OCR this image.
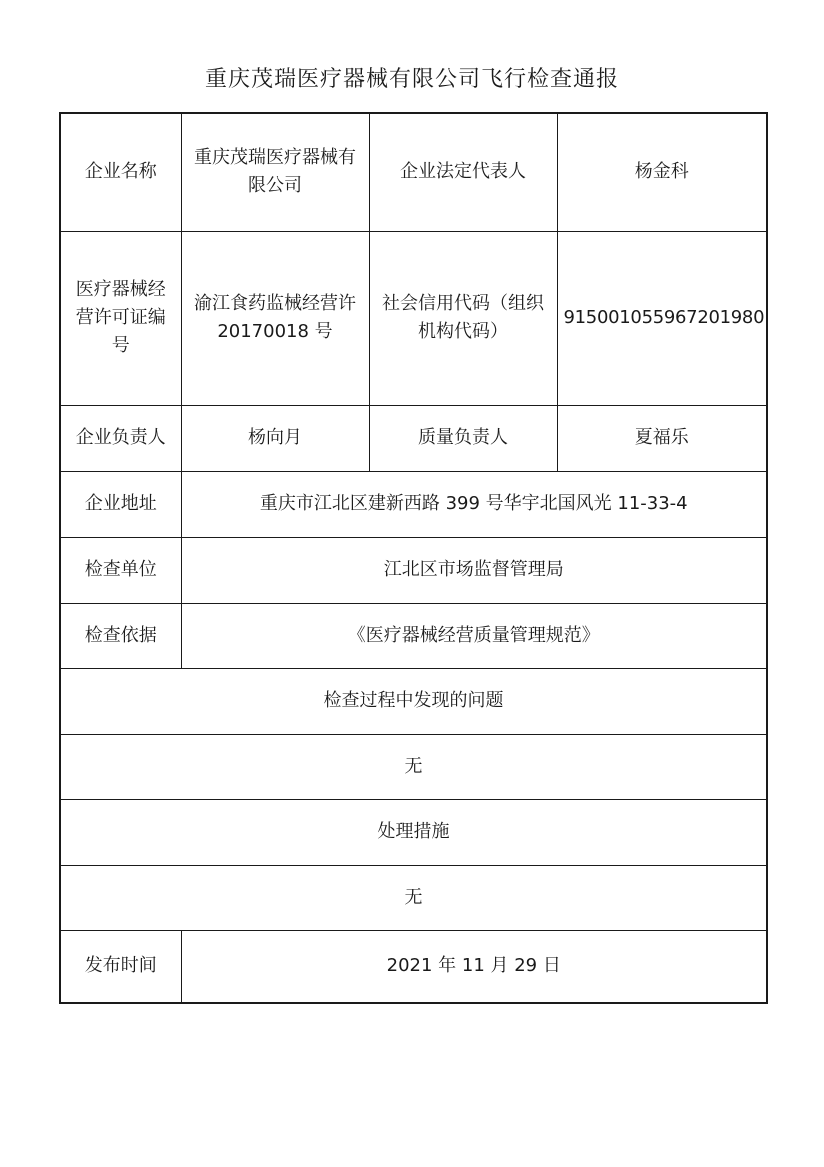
重庆茂瑞医疗器械有限公司飞行检查通报
企业名称	重庆茂瑞医疗器械有限公司	企业法定代表人	杨金科
医疗器械经营许可证编号	渝江食药监械经营许 20170018 号	社会信用代码（组织机构代码）	915001055967201980
企业负责人	杨向月	质量负责人	夏福乐
企业地址	重庆市江北区建新西路 399 号华宇北国风光 11-33-4		
检查单位	江北区市场监督管理局		
检查依据	《医疗器械经营质量管理规范》		
检查过程中发现的问题			
无			
处理措施			
无			
发布时间	2021 年 11 月 29 日		
